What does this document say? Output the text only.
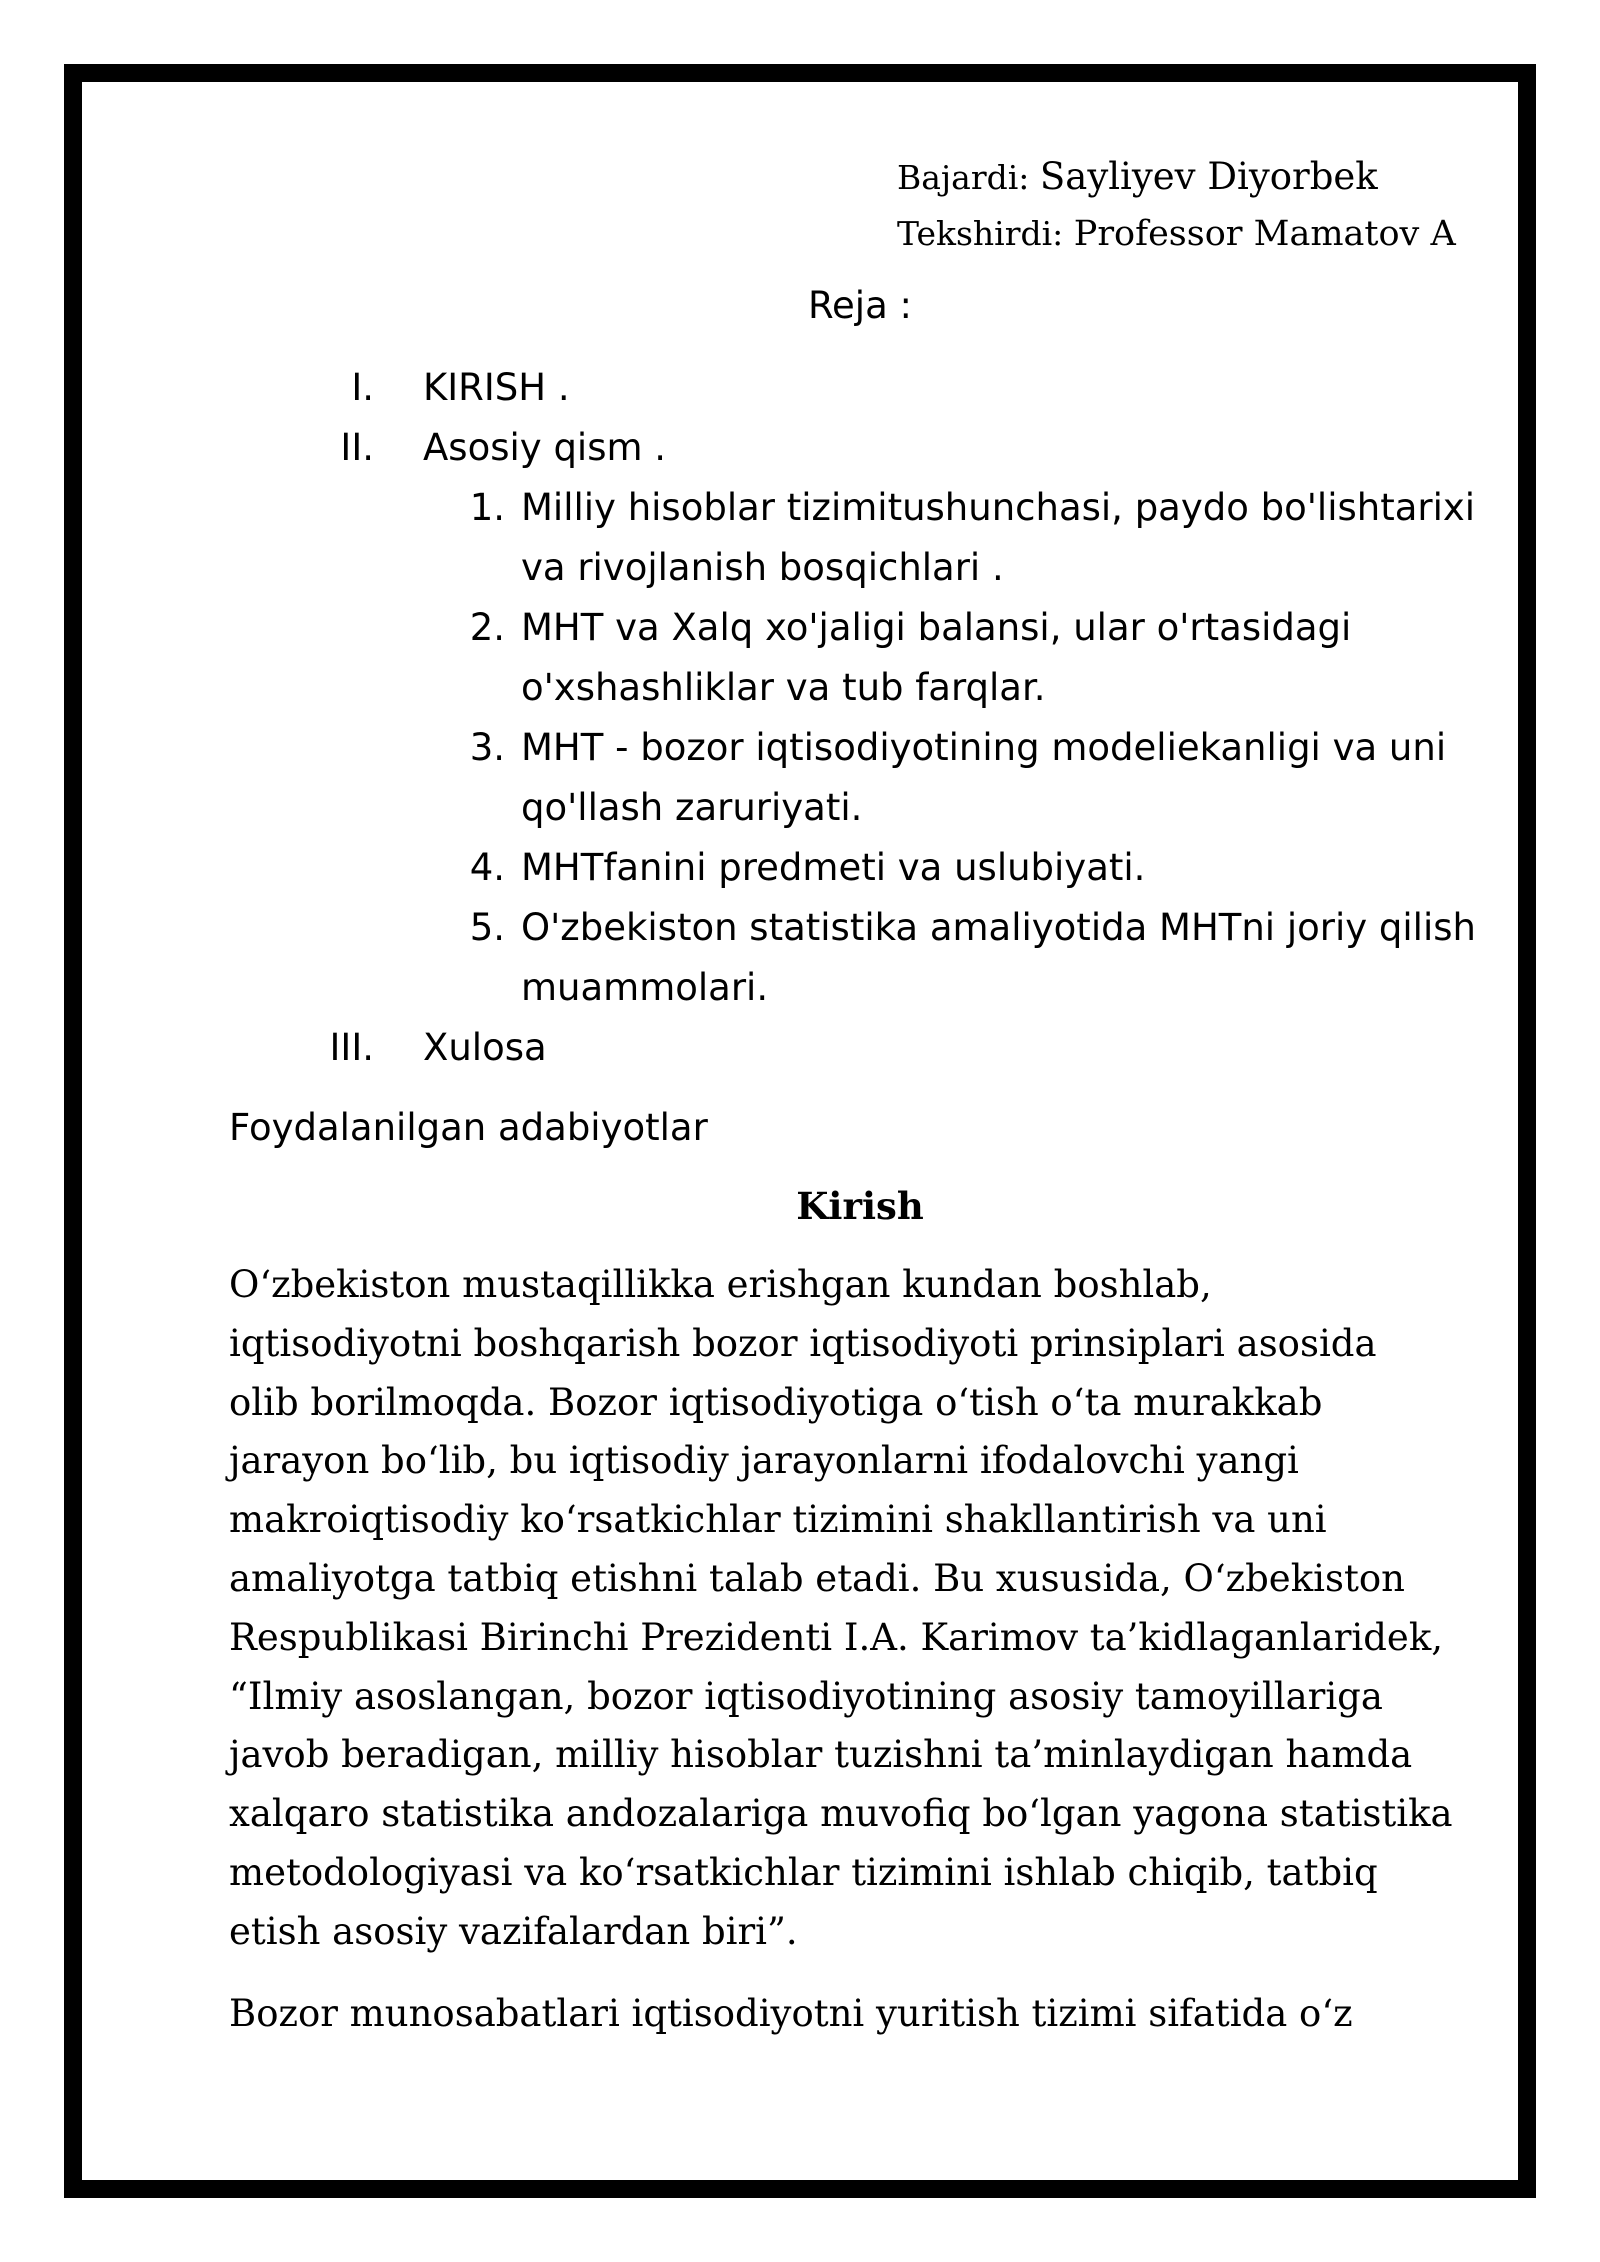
Bajardi: Sayliyev Diyorbek
Tekshirdi: Professor Mamatov A
Reja :
I. KIRISH .
II. Asosiy qism .
1. Milliy hisoblar tizimitushunchasi, paydo bo'lishtarixi
va rivojlanish bosqichlari .
2. MHT va Xalq xo'jaligi balansi, ular o'rtasidagi
o'xshashliklar va tub farqlar.
3. MHT - bozor iqtisodiyotining modeliekanligi va uni
qo'llash zaruriyati.
4. MHTfanini predmeti va uslubiyati.
5. O'zbekiston statistika amaliyotida MHTni joriy qilish
muammolari.
III. Xulosa
Foydalanilgan adabiyotlar
Kirish
O‘zbekiston mustaqillikka erishgan kundan boshlab,
iqtisodiyotni boshqarish bozor iqtisodiyoti prinsiplari asosida
olib borilmoqda. Bozor iqtisodiyotiga o‘tish o‘ta murakkab
jarayon bo‘lib, bu iqtisodiy jarayonlarni ifodalovchi yangi
makroiqtisodiy ko‘rsatkichlar tizimini shakllantirish va uni
amaliyotga tatbiq etishni talab etadi. Bu xususida, O‘zbekiston
Respublikasi Birinchi Prezidenti I.A. Karimov ta’kidlaganlaridek,
“Ilmiy asoslangan, bozor iqtisodiyotining asosiy tamoyillariga
javob beradigan, milliy hisoblar tuzishni ta’minlaydigan hamda
xalqaro statistika andozalariga muvofiq bo‘lgan yagona statistika
metodologiyasi va ko‘rsatkichlar tizimini ishlab chiqib, tatbiq
etish asosiy vazifalardan biri”.
Bozor munosabatlari iqtisodiyotni yuritish tizimi sifatida o‘z
